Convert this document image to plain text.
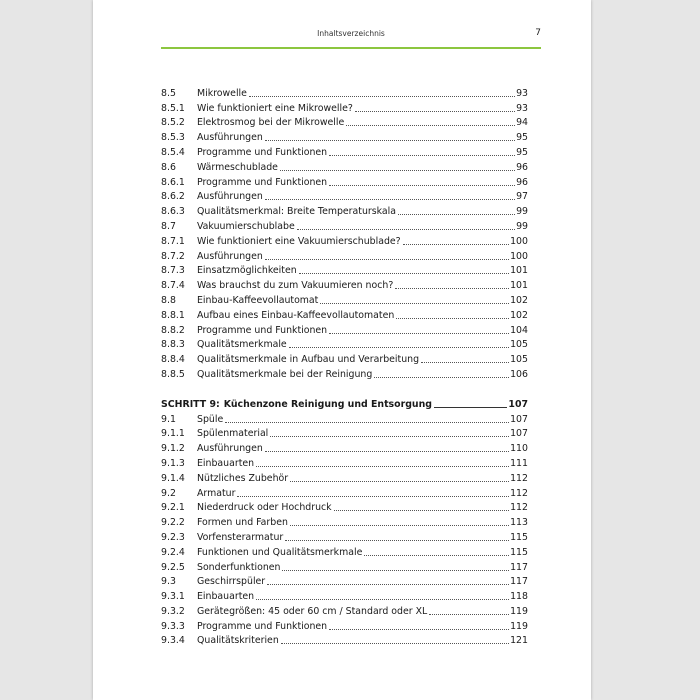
Inhaltsverzeichnis	7
8.5	Mikrowelle	93
8.5.1	Wie funktioniert eine Mikrowelle?	93
8.5.2	Elektrosmog bei der Mikrowelle	94
8.5.3	Ausführungen	95
8.5.4	Programme und Funktionen	95
8.6	Wärmeschublade	96
8.6.1	Programme und Funktionen	96
8.6.2	Ausführungen	97
8.6.3	Qualitätsmerkmal: Breite Temperaturskala	99
8.7	Vakuumierschublabe	99
8.7.1	Wie funktioniert eine Vakuumierschublade?	100
8.7.2	Ausführungen	100
8.7.3	Einsatzmöglichkeiten	101
8.7.4	Was brauchst du zum Vakuumieren noch?	101
8.8	Einbau-Kaffeevollautomat	102
8.8.1	Aufbau eines Einbau-Kaffeevollautomaten	102
8.8.2	Programme und Funktionen	104
8.8.3	Qualitätsmerkmale	105
8.8.4	Qualitätsmerkmale in Aufbau und Verarbeitung	105
8.8.5	Qualitätsmerkmale bei der Reinigung	106
SCHRITT 9: Küchenzone Reinigung und Entsorgung	107
9.1	Spüle	107
9.1.1	Spülenmaterial	107
9.1.2	Ausführungen	110
9.1.3	Einbauarten	111
9.1.4	Nützliches Zubehör	112
9.2	Armatur	112
9.2.1	Niederdruck oder Hochdruck	112
9.2.2	Formen und Farben	113
9.2.3	Vorfensterarmatur	115
9.2.4	Funktionen und Qualitätsmerkmale	115
9.2.5	Sonderfunktionen	117
9.3	Geschirrspüler	117
9.3.1	Einbauarten	118
9.3.2	Gerätegrößen: 45 oder 60 cm / Standard oder XL	119
9.3.3	Programme und Funktionen	119
9.3.4	Qualitätskriterien	121
